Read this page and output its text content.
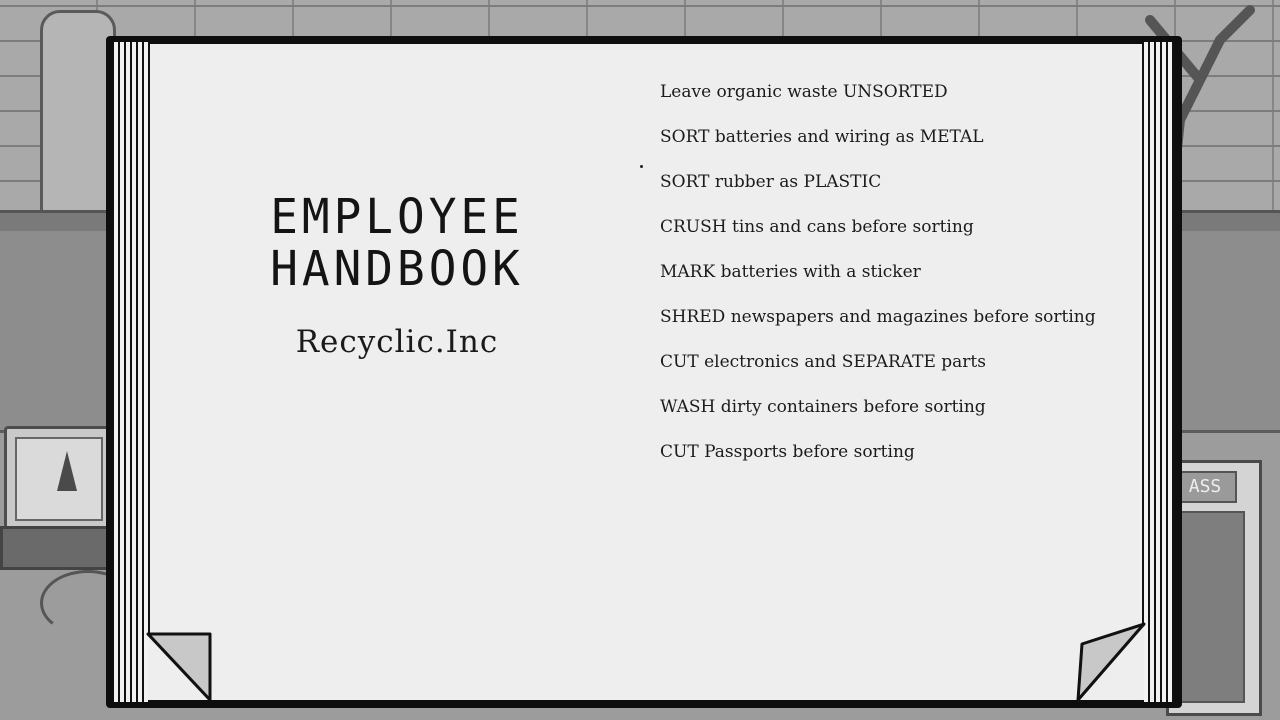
ASS
EMPLOYEE
HANDBOOK
Recyclic.Inc
Leave organic waste UNSORTED
SORT batteries and wiring as METAL
SORT rubber as PLASTIC
CRUSH tins and cans before sorting
MARK batteries with a sticker
SHRED newspapers and magazines before sorting
CUT electronics and SEPARATE parts
WASH dirty containers before sorting
CUT Passports before sorting
